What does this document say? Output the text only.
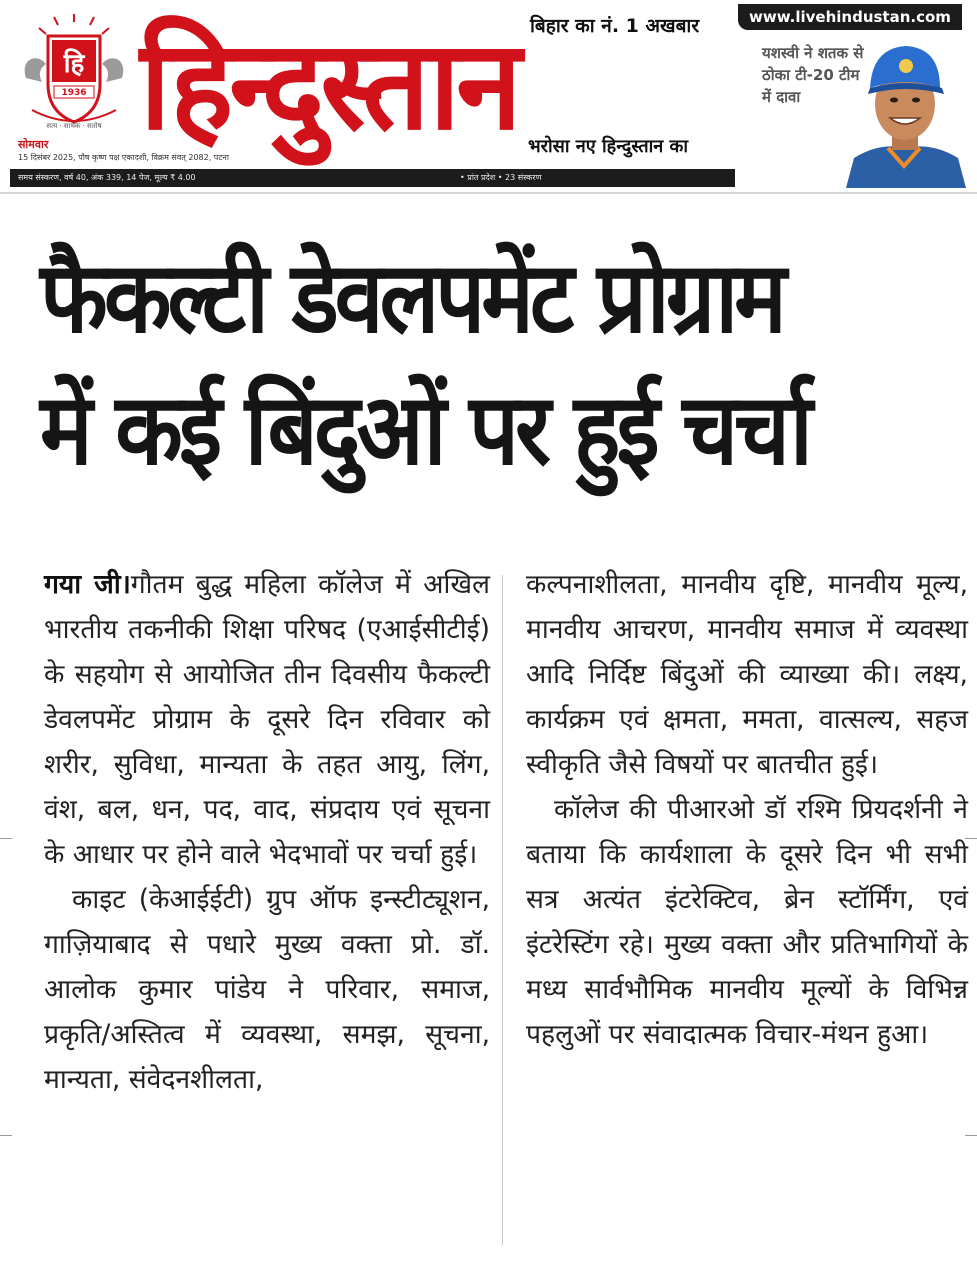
हि
1936
सत्य · सार्थक · सतोष हिन्दुस्तान बिहार का नं. 1 अखबार
भरोसा नए हिन्दुस्तान का
सोमवार
15 दिसंबर 2025, पौष कृष्ण पक्ष एकादशी, विक्रम संवत् 2082, पटना
समय संस्करण, वर्ष 40, अंक 339, 14 पेज, मूल्य ₹ 4.00	• प्रांत प्रदेश • 23 संस्करण
www.livehindustan.com
यशस्वी ने शतक से ठोका टी-20 टीम में दावा
फैकल्टी डेवलपमेंट प्रोग्राम
में कई बिंदुओं पर हुई चर्चा

गया जी।गौतम बुद्ध महिला कॉलेज में अखिल भारतीय तकनीकी शिक्षा परिषद (एआईसीटीई) के सहयोग से आयोजित तीन दिवसीय फैकल्टी डेवलपमेंट प्रोग्राम के दूसरे दिन रविवार को शरीर, सुविधा, मान्यता के तहत आयु, लिंग, वंश, बल, धन, पद, वाद, संप्रदाय एवं सूचना के आधार पर होने वाले भेदभावों पर चर्चा हुई।

काइट (केआईईटी) ग्रुप ऑफ इन्स्टीट्यूशन, गाज़ियाबाद से पधारे मुख्य वक्ता प्रो. डॉ. आलोक कुमार पांडेय ने परिवार, समाज, प्रकृति/अस्तित्व में व्यवस्था, समझ, सूचना, मान्यता, संवेदनशीलता,

कल्पनाशीलता, मानवीय दृष्टि, मानवीय मूल्य, मानवीय आचरण, मानवीय समाज में व्यवस्था आदि निर्दिष्ट बिंदुओं की व्याख्या की। लक्ष्य, कार्यक्रम एवं क्षमता, ममता, वात्सल्य, सहज स्वीकृति जैसे विषयों पर बातचीत हुई।

कॉलेज की पीआरओ डॉ रश्मि प्रियदर्शनी ने बताया कि कार्यशाला के दूसरे दिन भी सभी सत्र अत्यंत इंटरेक्टिव, ब्रेन स्टॉर्मिंग, एवं इंटरेस्टिंग रहे। मुख्य वक्ता और प्रतिभागियों के मध्य सार्वभौमिक मानवीय मूल्यों के विभिन्न पहलुओं पर संवादात्मक विचार-मंथन हुआ।
